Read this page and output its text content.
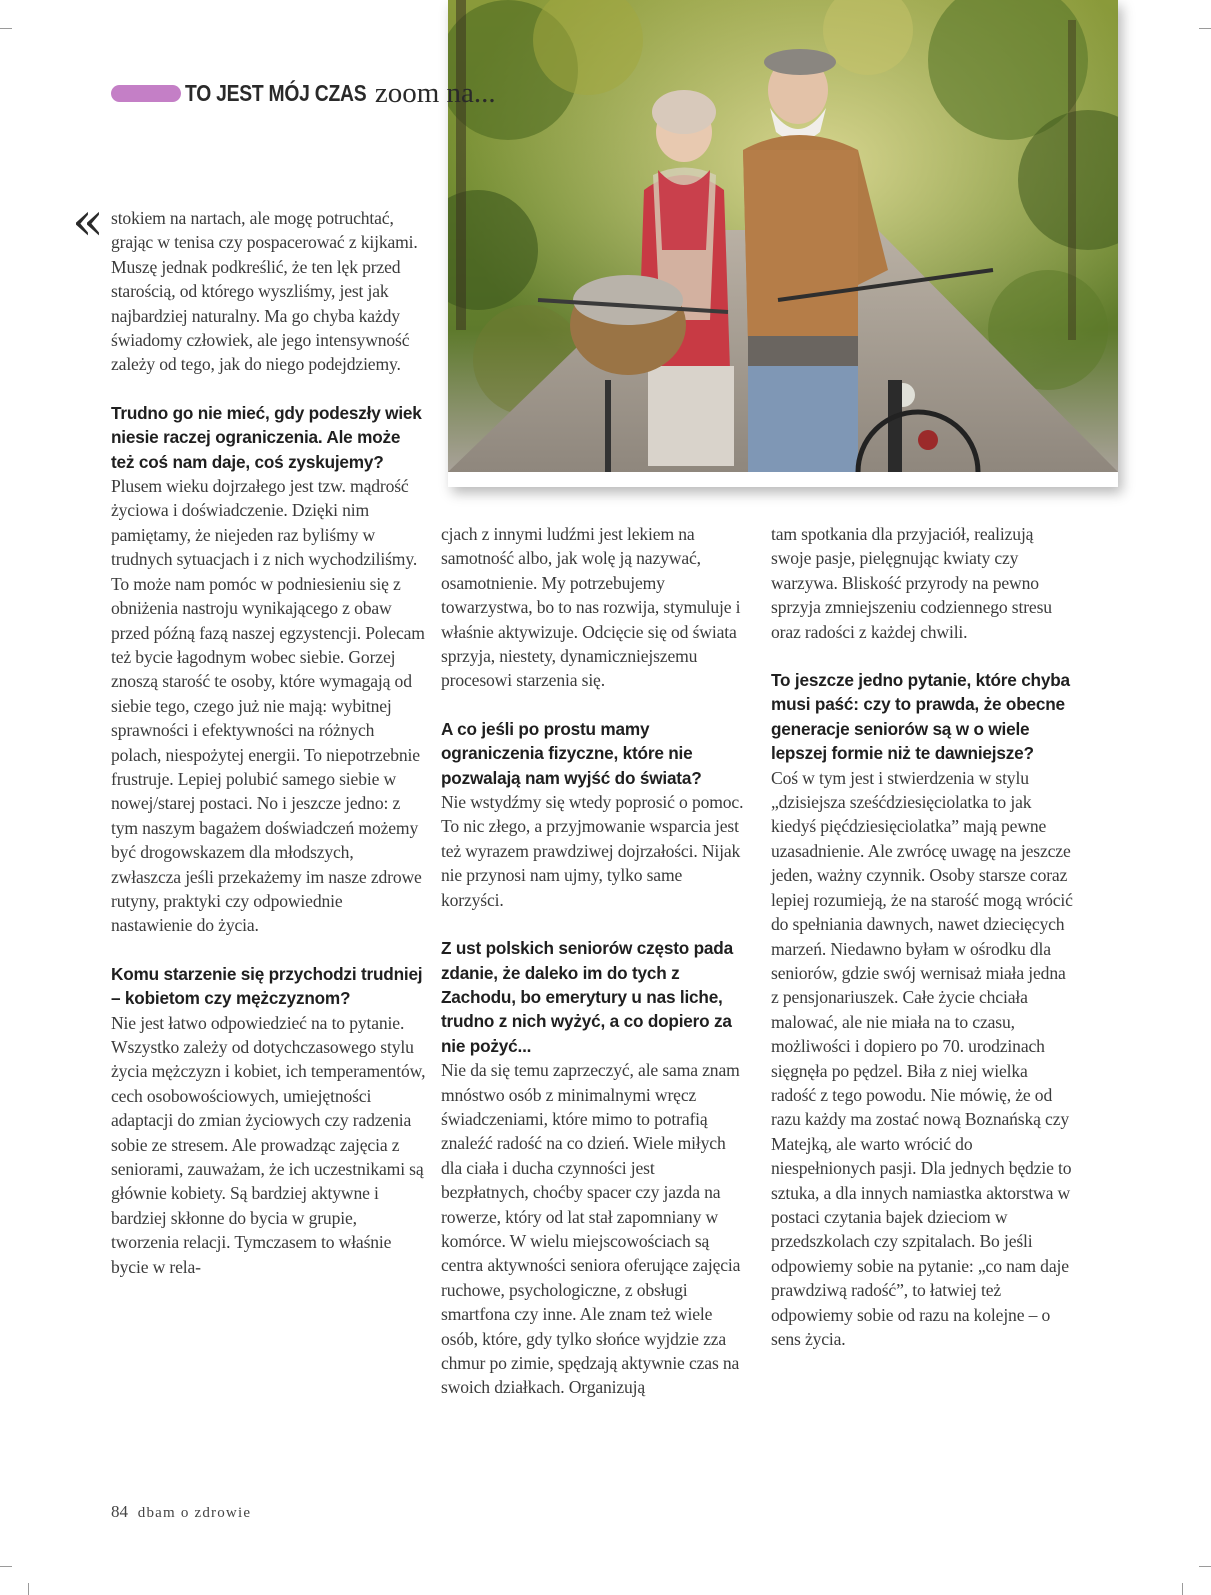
TO JEST MÓJ CZAS zoom na...
« stokiem na nartach, ale mogę potruchtać, grając w tenisa czy pospacerować z kijkami. Muszę jednak podkreślić, że ten lęk przed starością, od którego wyszliśmy, jest jak najbardziej naturalny. Ma go chyba każdy świadomy człowiek, ale jego intensywność zależy od tego, jak do niego podejdziemy.

Trudno go nie mieć, gdy podeszły wiek niesie raczej ograniczenia. Ale może też coś nam daje, coś zyskujemy?

Plusem wieku dojrzałego jest tzw. mądrość życiowa i doświadczenie. Dzięki nim pamiętamy, że niejeden raz byliśmy w trudnych sytuacjach i z nich wychodziliśmy. To może nam pomóc w podniesieniu się z obniżenia nastroju wynikającego z obaw przed późną fazą naszej egzystencji. Polecam też bycie łagodnym wobec siebie. Gorzej znoszą starość te osoby, które wymagają od siebie tego, czego już nie mają: wybitnej sprawności i efektywności na różnych polach, niespożytej energii. To niepotrzebnie frustruje. Lepiej polubić samego siebie w nowej/starej postaci. No i jeszcze jedno: z tym naszym bagażem doświadczeń możemy być drogowskazem dla młodszych, zwłaszcza jeśli przekażemy im nasze zdrowe rutyny, praktyki czy odpowiednie nastawienie do życia.

Komu starzenie się przychodzi trudniej – kobietom czy mężczyznom?

Nie jest łatwo odpowiedzieć na to pytanie. Wszystko zależy od dotychczasowego stylu życia mężczyzn i kobiet, ich temperamentów, cech osobowościowych, umiejętności adaptacji do zmian życiowych czy radzenia sobie ze stresem. Ale prowadząc zajęcia z seniorami, zauważam, że ich uczestnikami są głównie kobiety. Są bardziej aktywne i bardziej skłonne do bycia w grupie, tworzenia relacji. Tymczasem to właśnie bycie w rela-

cjach z innymi ludźmi jest lekiem na samotność albo, jak wolę ją nazywać, osamotnienie. My potrzebujemy towarzystwa, bo to nas rozwija, stymuluje i właśnie aktywizuje. Odcięcie się od świata sprzyja, niestety, dynamiczniejszemu procesowi starzenia się.

A co jeśli po prostu mamy ograniczenia fizyczne, które nie pozwalają nam wyjść do świata?

Nie wstydźmy się wtedy poprosić o pomoc. To nic złego, a przyjmowanie wsparcia jest też wyrazem prawdziwej dojrzałości. Nijak nie przynosi nam ujmy, tylko same korzyści.

Z ust polskich seniorów często pada zdanie, że daleko im do tych z Zachodu, bo emerytury u nas liche, trudno z nich wyżyć, a co dopiero za nie pożyć...

Nie da się temu zaprzeczyć, ale sama znam mnóstwo osób z minimalnymi wręcz świadczeniami, które mimo to potrafią znaleźć radość na co dzień. Wiele miłych dla ciała i ducha czynności jest bezpłatnych, choćby spacer czy jazda na rowerze, który od lat stał zapomniany w komórce. W wielu miejscowościach są centra aktywności seniora oferujące zajęcia ruchowe, psychologiczne, z obsługi smartfona czy inne. Ale znam też wiele osób, które, gdy tylko słońce wyjdzie zza chmur po zimie, spędzają aktywnie czas na swoich działkach. Organizują

tam spotkania dla przyjaciół, realizują swoje pasje, pielęgnując kwiaty czy warzywa. Bliskość przyrody na pewno sprzyja zmniejszeniu codziennego stresu oraz radości z każdej chwili.

To jeszcze jedno pytanie, które chyba musi paść: czy to prawda, że obecne generacje seniorów są w o wiele lepszej formie niż te dawniejsze?

Coś w tym jest i stwierdzenia w stylu „dzisiejsza sześćdziesięciolatka to jak kiedyś pięćdziesięciolatka” mają pewne uzasadnienie. Ale zwrócę uwagę na jeszcze jeden, ważny czynnik. Osoby starsze coraz lepiej rozumieją, że na starość mogą wrócić do spełniania dawnych, nawet dziecięcych marzeń. Niedawno byłam w ośrodku dla seniorów, gdzie swój wernisaż miała jedna z pensjonariuszek. Całe życie chciała malować, ale nie miała na to czasu, możliwości i dopiero po 70. urodzinach sięgnęła po pędzel. Biła z niej wielka radość z tego powodu. Nie mówię, że od razu każdy ma zostać nową Boznańską czy Matejką, ale warto wrócić do niespełnionych pasji. Dla jednych będzie to sztuka, a dla innych namiastka aktorstwa w postaci czytania bajek dzieciom w przedszkolach czy szpitalach. Bo jeśli odpowiemy sobie na pytanie: „co nam daje prawdziwą radość”, to łatwiej też odpowiemy sobie od razu na kolejne – o sens życia.

84 dbam o zdrowie
